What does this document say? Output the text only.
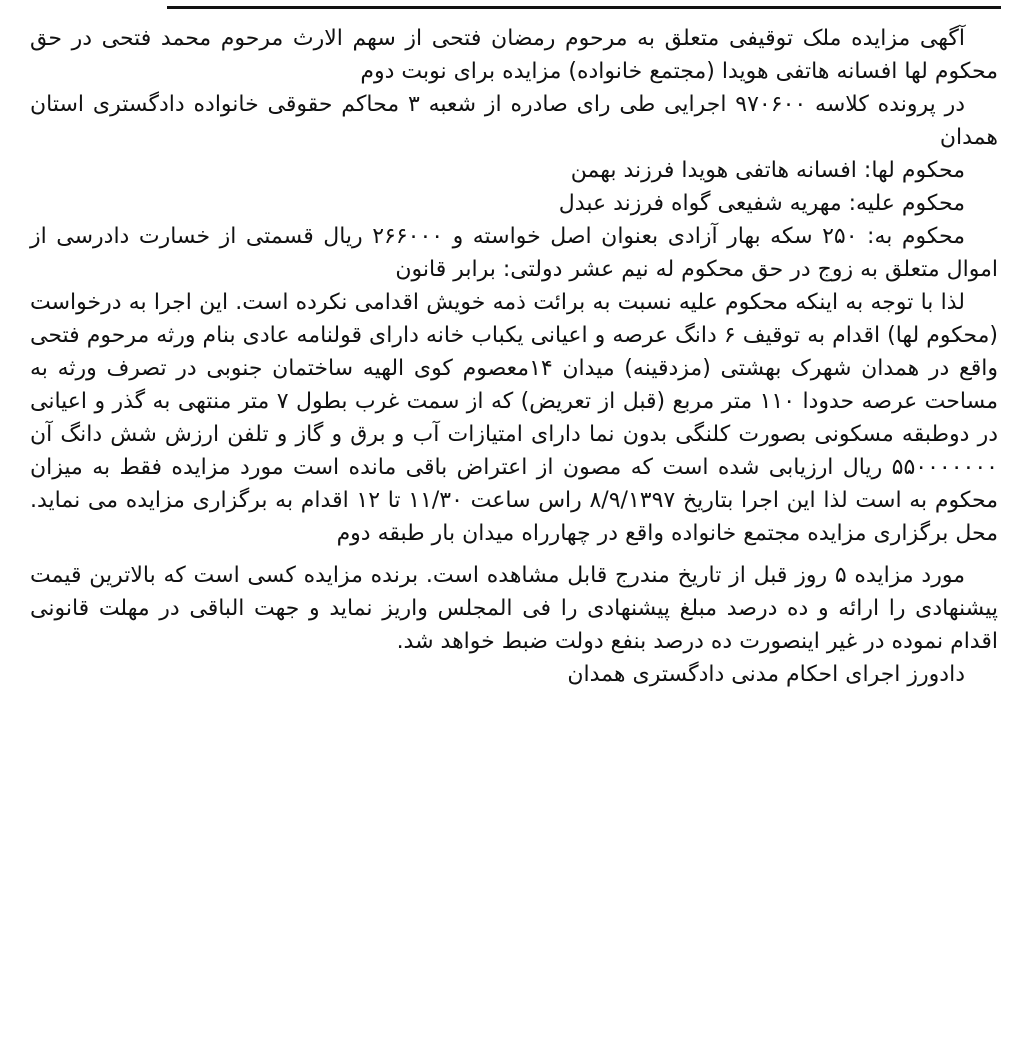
آگهی مزایده ملک توقیفی متعلق به مرحوم رمضان فتحی از سهم الارث مرحوم محمد فتحی در حق محکوم لها افسانه هاتفی هویدا (مجتمع خانواده) مزایده برای نوبت دوم

در پرونده کلاسه ۹۷۰۶۰۰ اجرایی طی رای صادره از شعبه ۳ محاکم حقوقی خانواده دادگستری استان همدان

محکوم لها: افسانه هاتفی هویدا فرزند بهمن

محکوم علیه: مهریه شفیعی گواه فرزند عبدل

محکوم به: ۲۵۰ سکه بهار آزادی بعنوان اصل خواسته و ۲۶۶۰۰۰ ریال قسمتی از خسارت دادرسی از اموال متعلق به زوج در حق محکوم له نیم عشر دولتی: برابر قانون

لذا با توجه به اینکه محکوم علیه نسبت به برائت ذمه خویش اقدامی نکرده است. این اجرا به درخواست (محکوم لها) اقدام به توقیف ۶ دانگ عرصه و اعیانی یکباب خانه دارای قولنامه عادی بنام ورثه مرحوم فتحی واقع در همدان شهرک بهشتی (مزدقینه) میدان ۱۴معصوم کوی الهیه ساختمان جنوبی در تصرف ورثه به مساحت عرصه حدودا ۱۱۰ متر مربع (قبل از تعریض) که از سمت غرب بطول ۷ متر منتهی به گذر و اعیانی در دوطبقه مسکونی بصورت کلنگی بدون نما دارای امتیازات آب و برق و گاز و تلفن ارزش شش دانگ آن ۵۵۰۰۰۰۰۰۰ ریال ارزیابی شده است که مصون از اعتراض باقی مانده است مورد مزایده فقط به میزان محکوم به است لذا این اجرا بتاریخ ۸/۹/۱۳۹۷ راس ساعت ۱۱/۳۰ تا ۱۲ اقدام به برگزاری مزایده می نماید. محل برگزاری مزایده مجتمع خانواده واقع در چهارراه میدان بار طبقه دوم

مورد مزایده ۵ روز قبل از تاریخ مندرج قابل مشاهده است. برنده مزایده کسی است که بالاترین قیمت پیشنهادی را ارائه و ده درصد مبلغ پیشنهادی را فی المجلس واریز نماید و جهت الباقی در مهلت قانونی اقدام نموده در غیر اینصورت ده درصد بنفع دولت ضبط خواهد شد.

دادورز اجرای احکام مدنی دادگستری همدان
